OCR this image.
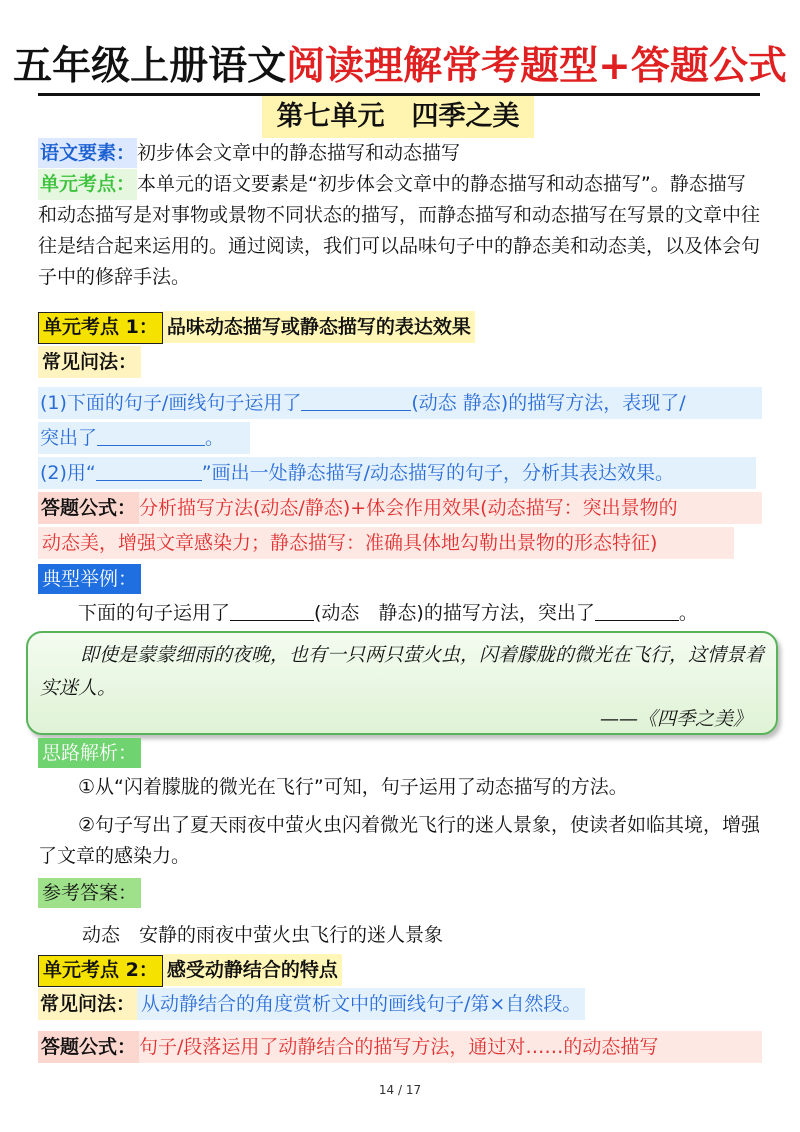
五年级上册语文阅读理解常考题型+答题公式
第七单元　四季之美
语文要素： 初步体会文章中的静态描写和动态描写
单元考点： 本单元的语文要素是“初步体会文章中的静态描写和动态描写”。静态描写和动态描写是对事物或景物不同状态的描写，而静态描写和动态描写在写景的文章中往往是结合起来运用的。通过阅读，我们可以品味句子中的静态美和动态美，以及体会句子中的修辞手法。
单元考点 1： 品味动态描写或静态描写的表达效果
常见问法：
(1)下面的句子/画线句子运用了	(动态 静态)的描写方法，表现了/
突出了	。
(2)用“	”画出一处静态描写/动态描写的句子，分析其表达效果。
答题公式： 分析描写方法(动态/静态)+体会作用效果(动态描写：突出景物的
动态美，增强文章感染力；静态描写：准确具体地勾勒出景物的形态特征)
典型举例：
下面的句子运用了	(动态　静态)的描写方法，突出了	。
即使是蒙蒙细雨的夜晚，也有一只两只萤火虫，闪着朦胧的微光在飞行，这情景着实迷人。
——《四季之美》
思路解析：
①从“闪着朦胧的微光在飞行”可知，句子运用了动态描写的方法。
②句子写出了夏天雨夜中萤火虫闪着微光飞行的迷人景象，使读者如临其境，增强了文章的感染力。
参考答案：
动态　安静的雨夜中萤火虫飞行的迷人景象
单元考点 2： 感受动静结合的特点
常见问法： 从动静结合的角度赏析文中的画线句子/第×自然段。
答题公式： 句子/段落运用了动静结合的描写方法，通过对……的动态描写
14 / 17
